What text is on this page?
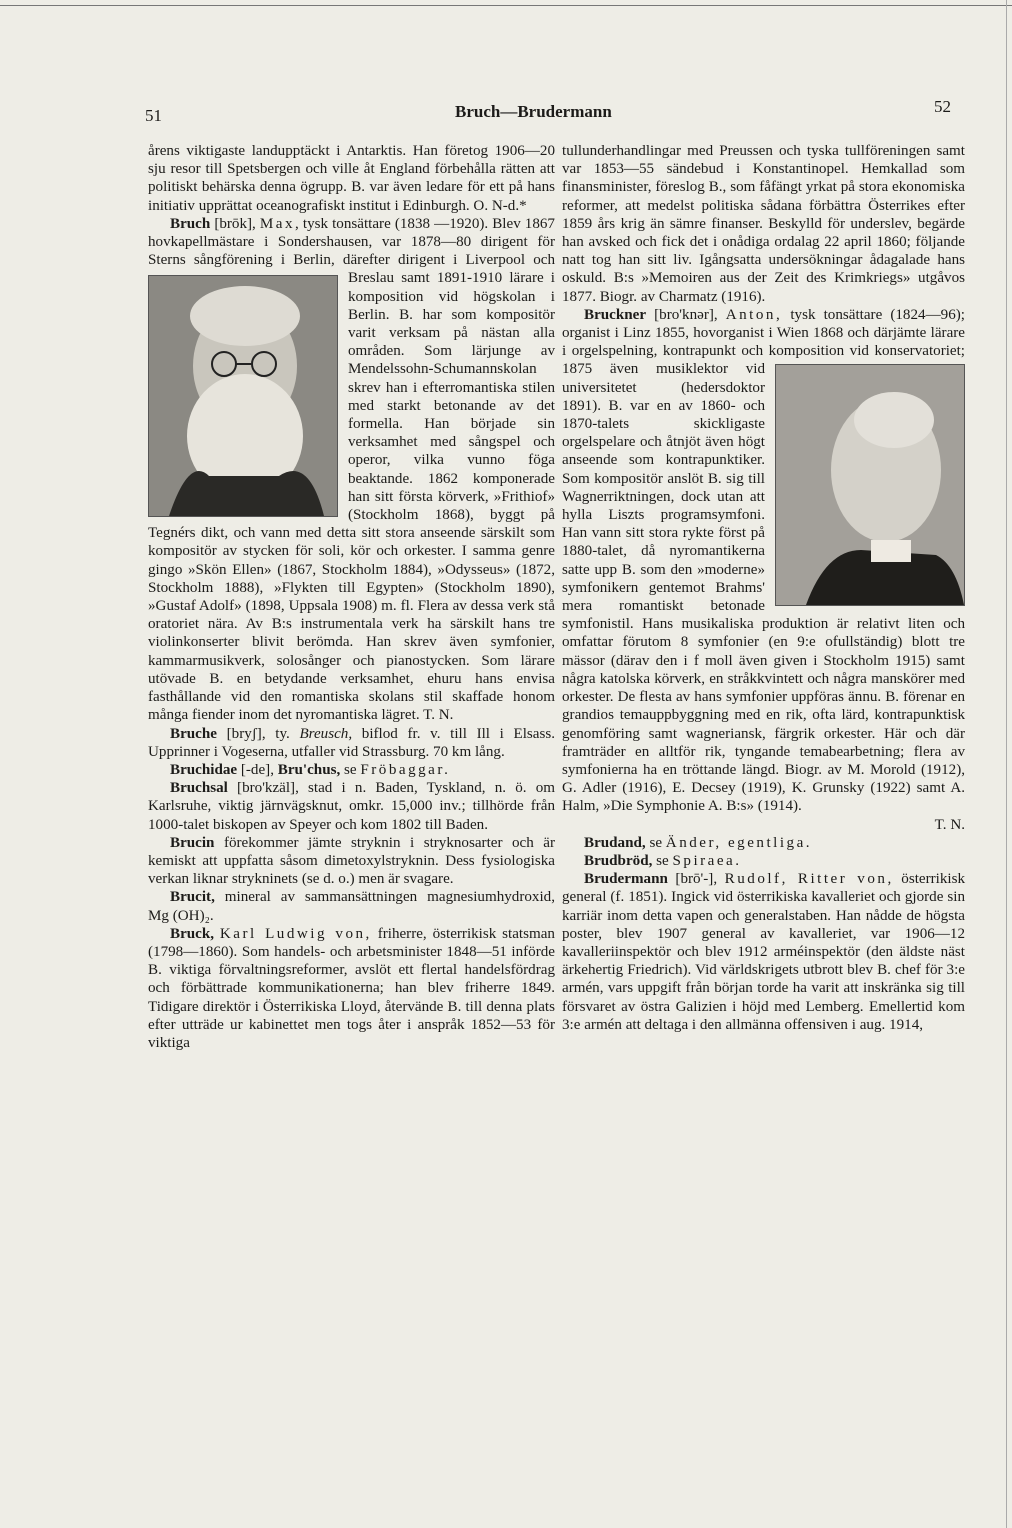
51	Bruch—Brudermann	52

årens viktigaste landupptäckt i Antarktis. Han företog 1906—20 sju resor till Spetsbergen och ville åt England förbehålla rätten att politiskt behärska denna ögrupp. B. var även ledare för ett på hans initiativ upprättat oceanografiskt institut i Edinburgh. O. N-d.*

Bruch [brōk], Max, tysk tonsättare (1838 —1920). Blev 1867 hovkapellmästare i Sondershausen, var 1878—80 dirigent för Sterns sångförening i Berlin, därefter dirigent i Liverpool och Breslau
samt 1891-1910 lärare i komposition vid högskolan i Berlin. B. har som kompositör varit verksam på nästan alla områden. Som lärjunge av Mendelssohn-Schumannskolan skrev han i efterromantiska stilen med starkt betonande av det formella. Han började sin verksamhet med sångspel och operor, vilka vunno föga beaktande. 1862 komponerade han sitt första körverk, »Frithiof» (Stockholm 1868), byggt på Tegnérs dikt, och vann med detta sitt stora anseende särskilt som kompositör av stycken för soli, kör och orkester. I samma genre gingo »Skön Ellen» (1867, Stockholm 1884), »Odysseus» (1872, Stockholm 1888), »Flykten till Egypten» (Stockholm 1890), »Gustaf Adolf» (1898, Uppsala 1908) m. fl. Flera av dessa verk stå oratoriet nära. Av B:s instrumentala verk ha särskilt hans tre violinkonserter blivit berömda. Han skrev även symfonier, kammarmusikverk, solosånger och pianostycken. Som lärare utövade B. en betydande verksamhet, ehuru hans envisa fasthållande vid den romantiska skolans stil skaffade honom många fiender inom det nyromantiska lägret. T. N.

Bruche [bryʃ], ty. Breusch, biflod fr. v. till Ill i Elsass. Upprinner i Vogeserna, utfaller vid Strassburg. 70 km lång.

Bruchidae [-de], Bru'chus, se Fröbaggar.

Bruchsal [bro'kzäl], stad i n. Baden, Tyskland, n. ö. om Karlsruhe, viktig järnvägsknut, omkr. 15,000 inv.; tillhörde från 1000-talet biskopen av Speyer och kom 1802 till Baden.

Brucin förekommer jämte stryknin i stryknosarter och är kemiskt att uppfatta såsom dimetoxylstryknin. Dess fysiologiska verkan liknar strykninets (se d. o.) men är svagare.

Brucit, mineral av sammansättningen magnesiumhydroxid, Mg (OH)₂.

Bruck, Karl Ludwig von, friherre, österrikisk statsman (1798—1860). Som handels- och arbetsminister 1848—51 införde B. viktiga förvaltningsreformer, avslöt ett flertal handelsfördrag och förbättrade kommunikationerna; han blev friherre 1849. Tidigare direktör i Österrikiska Lloyd, återvände B. till denna plats efter utträde ur kabinettet men togs åter i anspråk 1852—53 för viktiga

tullunderhandlingar med Preussen och tyska tullföreningen samt var 1853—55 sändebud i Konstantinopel. Hemkallad som finansminister, föreslog B., som fåfängt yrkat på stora ekonomiska reformer, att medelst politiska sådana förbättra Österrikes efter 1859 års krig än sämre finanser. Beskylld för underslev, begärde han avsked och fick det i onådiga ordalag 22 april 1860; följande natt tog han sitt liv. Igångsatta undersökningar ådagalade hans oskuld. B:s »Memoiren aus der Zeit des Krimkriegs» utgåvos 1877. Biogr. av Charmatz (1916).

Bruckner [bro'knər], Anton, tysk tonsättare (1824—96); organist i Linz 1855, hovorganist i Wien 1868 och därjämte lärare i orgelspelning, kontrapunkt och komposition vid konservatoriet; 1875
även musiklektor vid universitetet (hedersdoktor 1891). B. var en av 1860- och 1870-talets skickligaste orgelspelare och åtnjöt även högt anseende som kontrapunktiker. Som kompositör anslöt B. sig till Wagnerriktningen, dock utan att hylla Liszts programsymfoni. Han vann sitt stora rykte först på 1880-talet, då nyromantikerna satte upp B. som den »moderne» symfonikern gentemot Brahms' mera romantiskt betonade symfonistil. Hans musikaliska produktion är relativt liten och omfattar förutom 8 symfonier (en 9:e ofullständig) blott tre mässor (därav den i f moll även given i Stockholm 1915) samt några katolska körverk, en stråkkvintett och några manskörer med orkester. De flesta av hans symfonier uppföras ännu. B. förenar en grandios temauppbyggning med en rik, ofta lärd, kontrapunktisk genomföring samt wagneriansk, färgrik orkester. Här och där framträder en alltför rik, tyngande temabearbetning; flera av symfonierna ha en tröttande längd. Biogr. av M. Morold (1912), G. Adler (1916), E. Decsey (1919), K. Grunsky (1922) samt A. Halm, »Die Symphonie A. B:s» (1914).
T. N.

Brudand, se Änder, egentliga.

Brudbröd, se Spiraea.

Brudermann [brō'-], Rudolf, Ritter von, österrikisk general (f. 1851). Ingick vid österrikiska kavalleriet och gjorde sin karriär inom detta vapen och generalstaben. Han nådde de högsta poster, blev 1907 general av kavalleriet, var 1906—12 kavalleriinspektör och blev 1912 arméinspektör (den äldste näst ärkehertig Friedrich). Vid världskrigets utbrott blev B. chef för 3:e armén, vars uppgift från början torde ha varit att inskränka sig till försvaret av östra Galizien i höjd med Lemberg. Emellertid kom 3:e armén att deltaga i den allmänna offensiven i aug. 1914,
